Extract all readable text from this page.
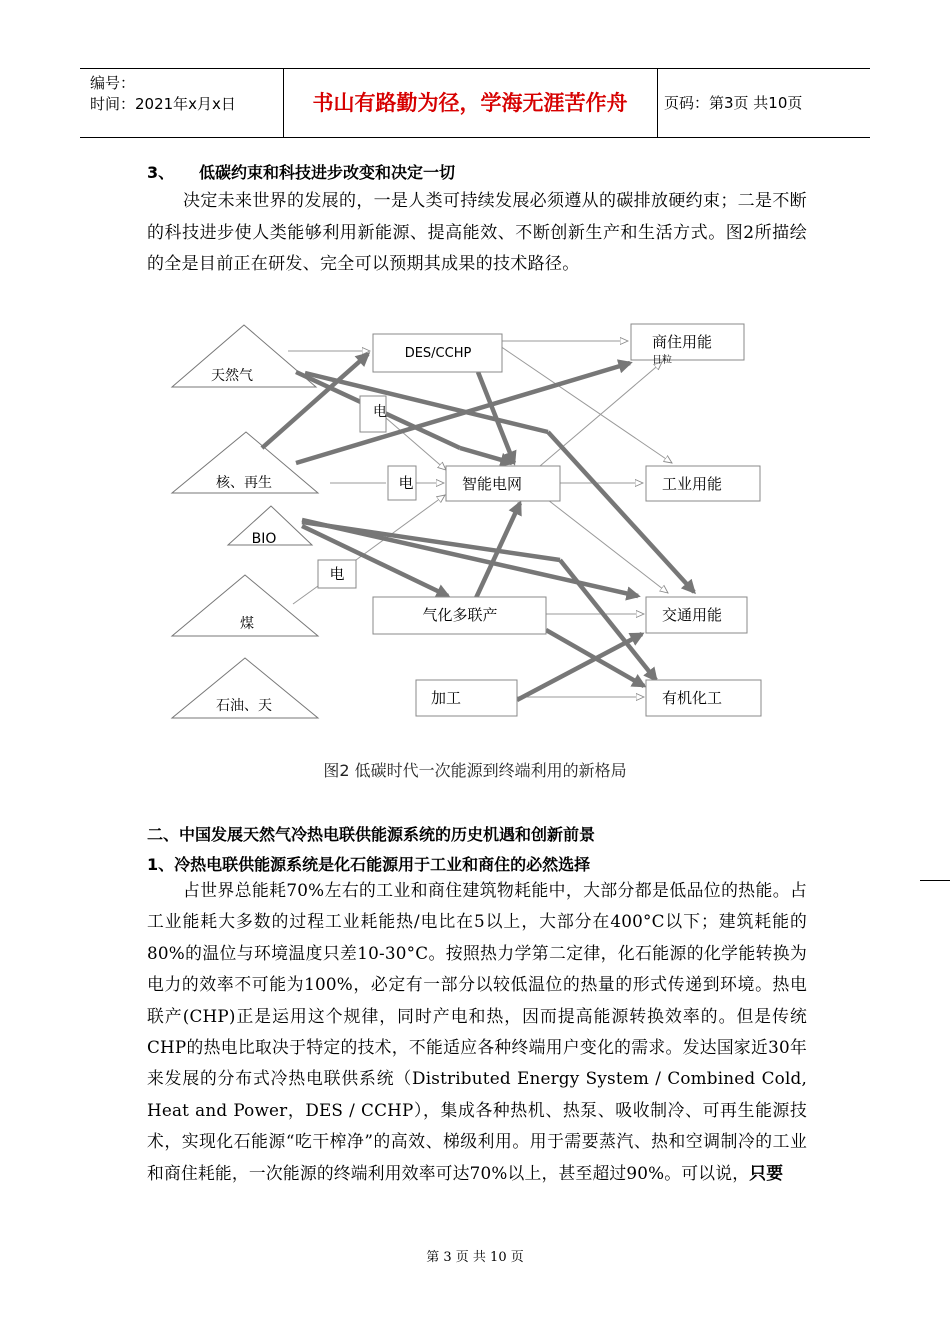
编号：
时间：2021年x月x日	书山有路勤为径，学海无涯苦作舟	页码：第3页 共10页
3、 低碳约束和科技进步改变和决定一切

决定未来世界的发展的，一是人类可持续发展必须遵从的碳排放硬约束；二是不断的科技进步使人类能够利用新能源、提高能效、不断创新生产和生活方式。图2所描绘的全是目前正在研发、完全可以预期其成果的技术路径。

天然气
核、再生
BIO
煤
石油、天
DES/CCHP
商住用能
日粒
电
电	智能电网	工业用能
电
气化多联产	交通用能
加工	有机化工
图2 低碳时代一次能源到终端利用的新格局
二、中国发展天然气冷热电联供能源系统的历史机遇和创新前景
1、冷热电联供能源系统是化石能源用于工业和商住的必然选择

占世界总能耗70%左右的工业和商住建筑物耗能中，大部分都是低品位的热能。占工业能耗大多数的过程工业耗能热/电比在5以上，大部分在400°C以下；建筑耗能的80%的温位与环境温度只差10-30°C。按照热力学第二定律，化石能源的化学能转换为电力的效率不可能为100%，必定有一部分以较低温位的热量的形式传递到环境。热电联产(CHP)正是运用这个规律，同时产电和热，因而提高能源转换效率的。但是传统CHP的热电比取决于特定的技术，不能适应各种终端用户变化的需求。发达国家近30年来发展的分布式冷热电联供系统（Distributed Energy System / Combined Cold, Heat and Power，DES / CCHP），集成各种热机、热泵、吸收制冷、可再生能源技术，实现化石能源“吃干榨净”的高效、梯级利用。用于需要蒸汽、热和空调制冷的工业和商住耗能，一次能源的终端利用效率可达70%以上，甚至超过90%。可以说，只要

第 3 页 共 10 页
